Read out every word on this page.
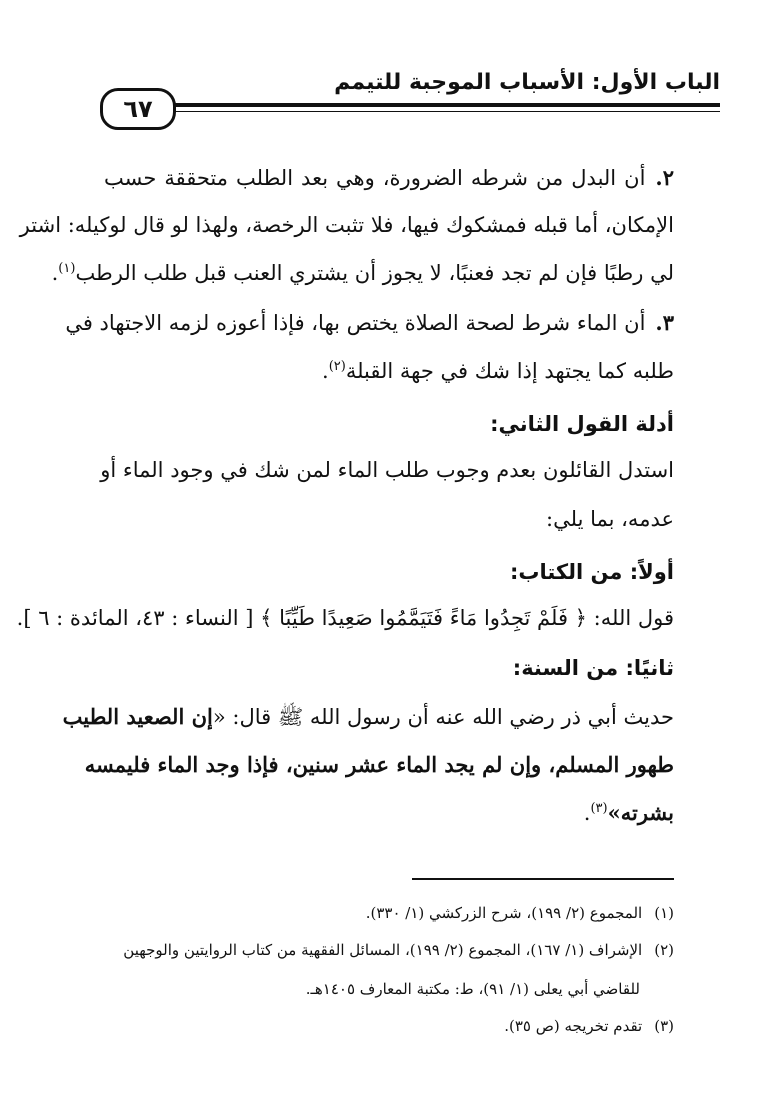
الباب الأول: الأسباب الموجبة للتيمم
٦٧
٢.أن البدل من شرطه الضرورة، وهي بعد الطلب متحققة حسب
الإمكان، أما قبله فمشكوك فيها، فلا تثبت الرخصة، ولهذا لو قال لوكيله: اشتر
لي رطبًا فإن لم تجد فعنبًا، لا يجوز أن يشتري العنب قبل طلب الرطب$^{(١)}$.
٣.أن الماء شرط لصحة الصلاة يختص بها، فإذا أعوزه لزمه الاجتهاد في
طلبه كما يجتهد إذا شك في جهة القبلة$^{(٢)}$.
أدلة القول الثاني:
استدل القائلون بعدم وجوب طلب الماء لمن شك في وجود الماء أو
عدمه، بما يلي:
أولاً: من الكتاب:
قول الله: ﴿ فَلَمْ تَجِدُوا مَاءً فَتَيَمَّمُوا صَعِيدًا طَيِّبًا ﴾ [ النساء : ٤٣، المائدة : ٦ ].
ثانيًا: من السنة:
حديث أبي ذر رضي الله عنه أن رسول الله ﷺ قال: «إن الصعيد الطيب
طهور المسلم، وإن لم يجد الماء عشر سنين، فإذا وجد الماء فليمسه
بشرته»$^{(٣)}$.
(١)المجموع (٢/ ١٩٩)، شرح الزركشي (١/ ٣٣٠).
(٢)الإشراف (١/ ١٦٧)، المجموع (٢/ ١٩٩)، المسائل الفقهية من كتاب الروايتين والوجهين
للقاضي أبي يعلى (١/ ٩١)، ط: مكتبة المعارف ١٤٠٥هـ.
(٣)تقدم تخريجه (ص ٣٥).
